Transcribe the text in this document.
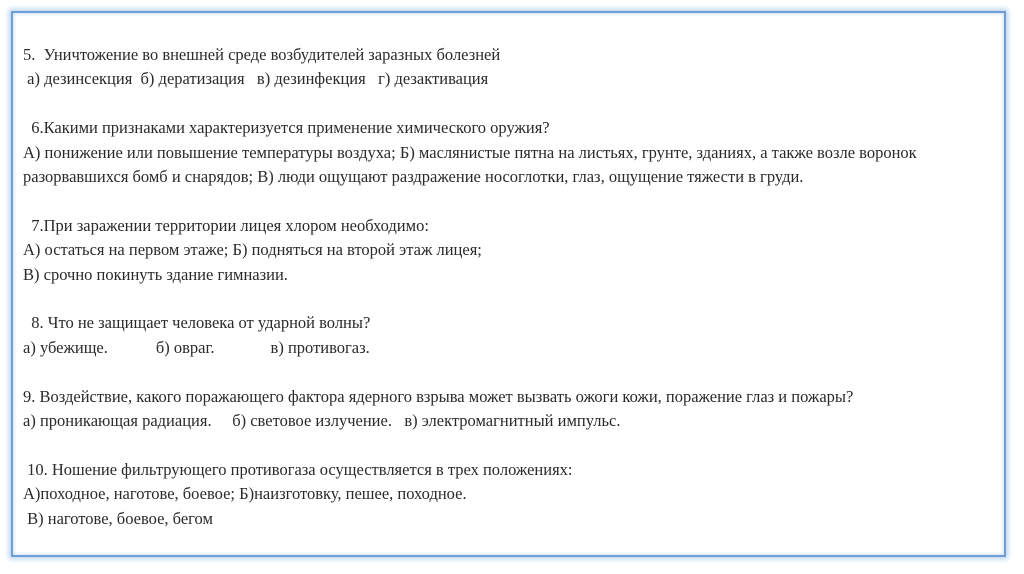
5.  Уничтожение во внешней среде возбудителей заразных болезней
а) дезинсекция  б) дератизация   в) дезинфекция   г) дезактивация
6.Какими признаками характеризуется применение химического оружия?
А) понижение или повышение температуры воздуха; Б) маслянистые пятна на листьях, грунте, зданиях, а также возле воронок разорвавшихся бомб и снарядов; В) люди ощущают раздражение носоглотки, глаз, ощущение тяжести в груди.
7.При заражении территории лицея хлором необходимо:
А) остаться на первом этаже; Б) подняться на второй этаж лицея;
В) срочно покинуть здание гимназии.
8. Что не защищает человека от ударной волны?
а) убежище.	б) овраг.	в) противогаз.
9. Воздействие, какого поражающего фактора ядерного взрыва может вызвать ожоги кожи, поражение глаз и пожары?
а) проникающая радиация.     б) световое излучение.   в) электромагнитный импульс.
10. Ношение фильтрующего противогаза осуществляется в трех положениях:
А)походное, наготове, боевое; Б)наизготовку, пешее, походное.
В) наготове, боевое, бегом
